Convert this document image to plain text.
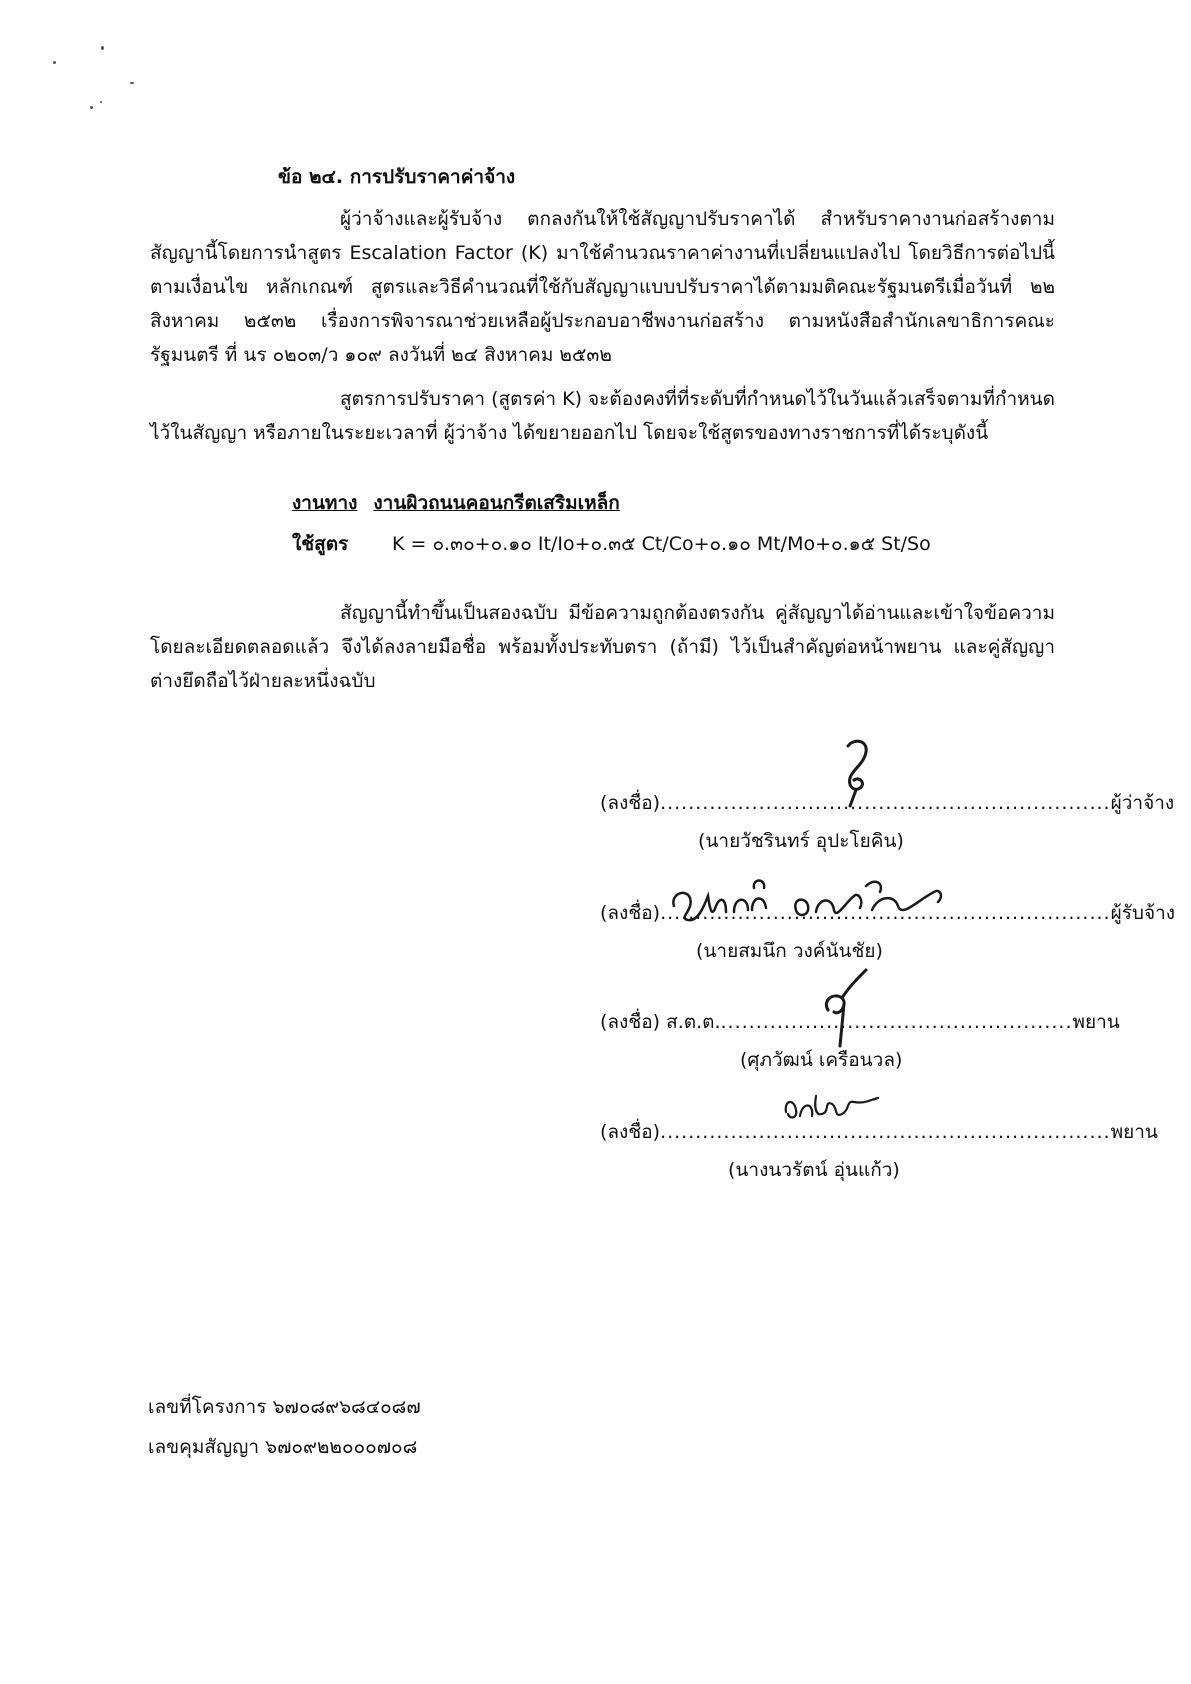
ข้อ ๒๔. การปรับราคาค่าจ้าง
ผู้ว่าจ้างและผู้รับจ้าง ตกลงกันให้ใช้สัญญาปรับราคาได้ สำหรับราคางานก่อสร้างตามสัญญานี้โดยการนำสูตร Escalation Factor (K) มาใช้คำนวณราคาค่างานที่เปลี่ยนแปลงไป โดยวิธีการต่อไปนี้ ตามเงื่อนไข หลักเกณฑ์ สูตรและวิธีคำนวณที่ใช้กับสัญญาแบบปรับราคาได้ตามมติคณะรัฐมนตรีเมื่อวันที่ ๒๒ สิงหาคม ๒๕๓๒ เรื่องการพิจารณาช่วยเหลือผู้ประกอบอาชีพงานก่อสร้าง ตามหนังสือสำนักเลขาธิการคณะรัฐมนตรี ที่ นร ๐๒๐๓/ว ๑๐๙ ลงวันที่ ๒๔ สิงหาคม ๒๕๓๒
สูตรการปรับราคา (สูตรค่า K) จะต้องคงที่ที่ระดับที่กำหนดไว้ในวันแล้วเสร็จตามที่กำหนดไว้ในสัญญา หรือภายในระยะเวลาที่ ผู้ว่าจ้าง ได้ขยายออกไป โดยจะใช้สูตรของทางราชการที่ได้ระบุดังนี้
งานทาง งานผิวถนนคอนกรีตเสริมเหล็ก
ใช้สูตร K = ๐.๓๐+๐.๑๐ It/Io+๐.๓๕ Ct/Co+๐.๑๐ Mt/Mo+๐.๑๕ St/So
สัญญานี้ทำขึ้นเป็นสองฉบับ มีข้อความถูกต้องตรงกัน คู่สัญญาได้อ่านและเข้าใจข้อความ โดยละเอียดตลอดแล้ว จึงได้ลงลายมือชื่อ พร้อมทั้งประทับตรา (ถ้ามี) ไว้เป็นสำคัญต่อหน้าพยาน และคู่สัญญาต่างยึดถือไว้ฝ่ายละหนึ่งฉบับ
(ลงชื่อ)................................................................ผู้ว่าจ้าง
(นายวัชรินทร์ อุปะโยคิน)
(ลงชื่อ)................................................................ผู้รับจ้าง
(นายสมนึก วงค์นันชัย)
(ลงชื่อ) ส.ต.ต...................................................พยาน
(ศุภวัฒน์ เครือนวล)
(ลงชื่อ)................................................................พยาน
(นางนวรัตน์ อุ่นแก้ว)
เลขที่โครงการ ๖๗๐๘๙๖๘๔๐๘๗
เลขคุมสัญญา ๖๗๐๙๒๒๐๐๐๗๐๘
